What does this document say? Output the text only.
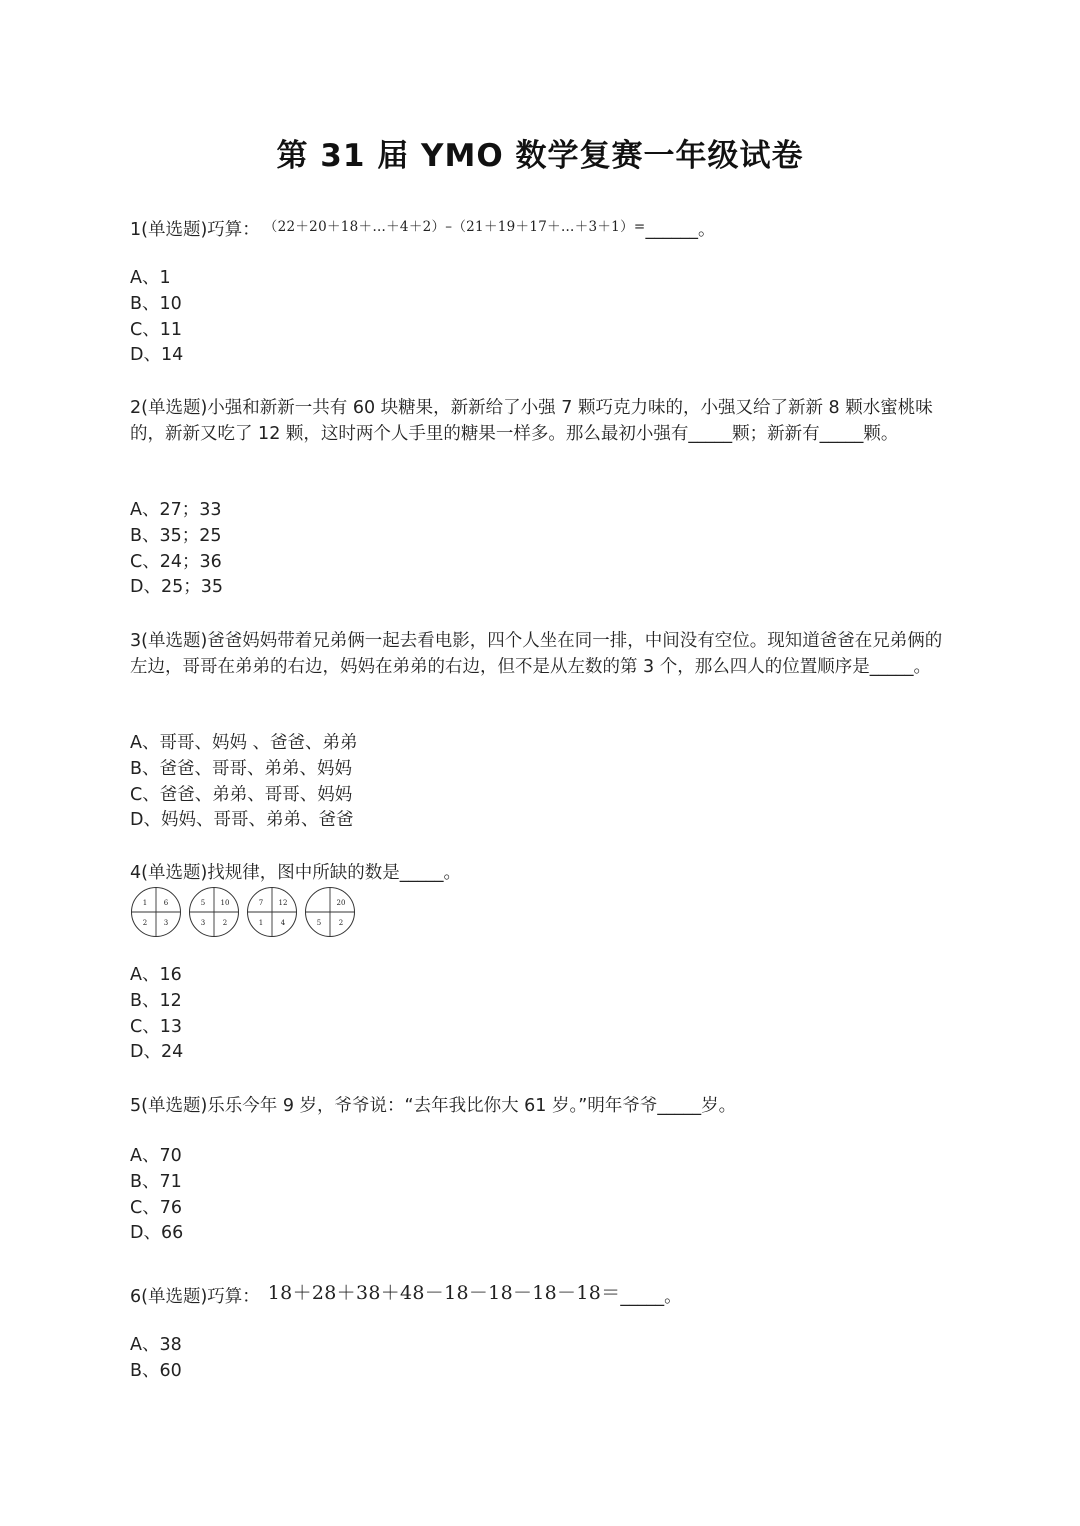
第 31 届 YMO 数学复赛一年级试卷
1(单选题)巧算： （22＋20＋18＋…＋4＋2）–（21＋19＋17＋…＋3＋1）=______。
A、1
B、10
C、11
D、14
2(单选题)小强和新新一共有 60 块糖果，新新给了小强 7 颗巧克力味的，小强又给了新新 8 颗水蜜桃味的，新新又吃了 12 颗，这时两个人手里的糖果一样多。那么最初小强有_____颗；新新有_____颗。
A、27；33
B、35；25
C、24；36
D、25；35
3(单选题)爸爸妈妈带着兄弟俩一起去看电影，四个人坐在同一排，中间没有空位。现知道爸爸在兄弟俩的左边，哥哥在弟弟的右边，妈妈在弟弟的右边，但不是从左数的第 3 个，那么四人的位置顺序是_____。
A、哥哥、妈妈 、爸爸、弟弟
B、爸爸、哥哥、弟弟、妈妈
C、爸爸、弟弟、哥哥、妈妈
D、妈妈、哥哥、弟弟、爸爸
4(单选题)找规律，图中所缺的数是_____。
1 6
2 3
5 10
3	2
7 12
1	4
20
5	2
A、16
B、12
C、13
D、24
5(单选题)乐乐今年 9 岁，爷爷说：“去年我比你大 61 岁。”明年爷爷_____岁。
A、70
B、71
C、76
D、66
6(单选题)巧算： 18＋28＋38＋48－18－18－18－18＝_____。
A、38
B、60
